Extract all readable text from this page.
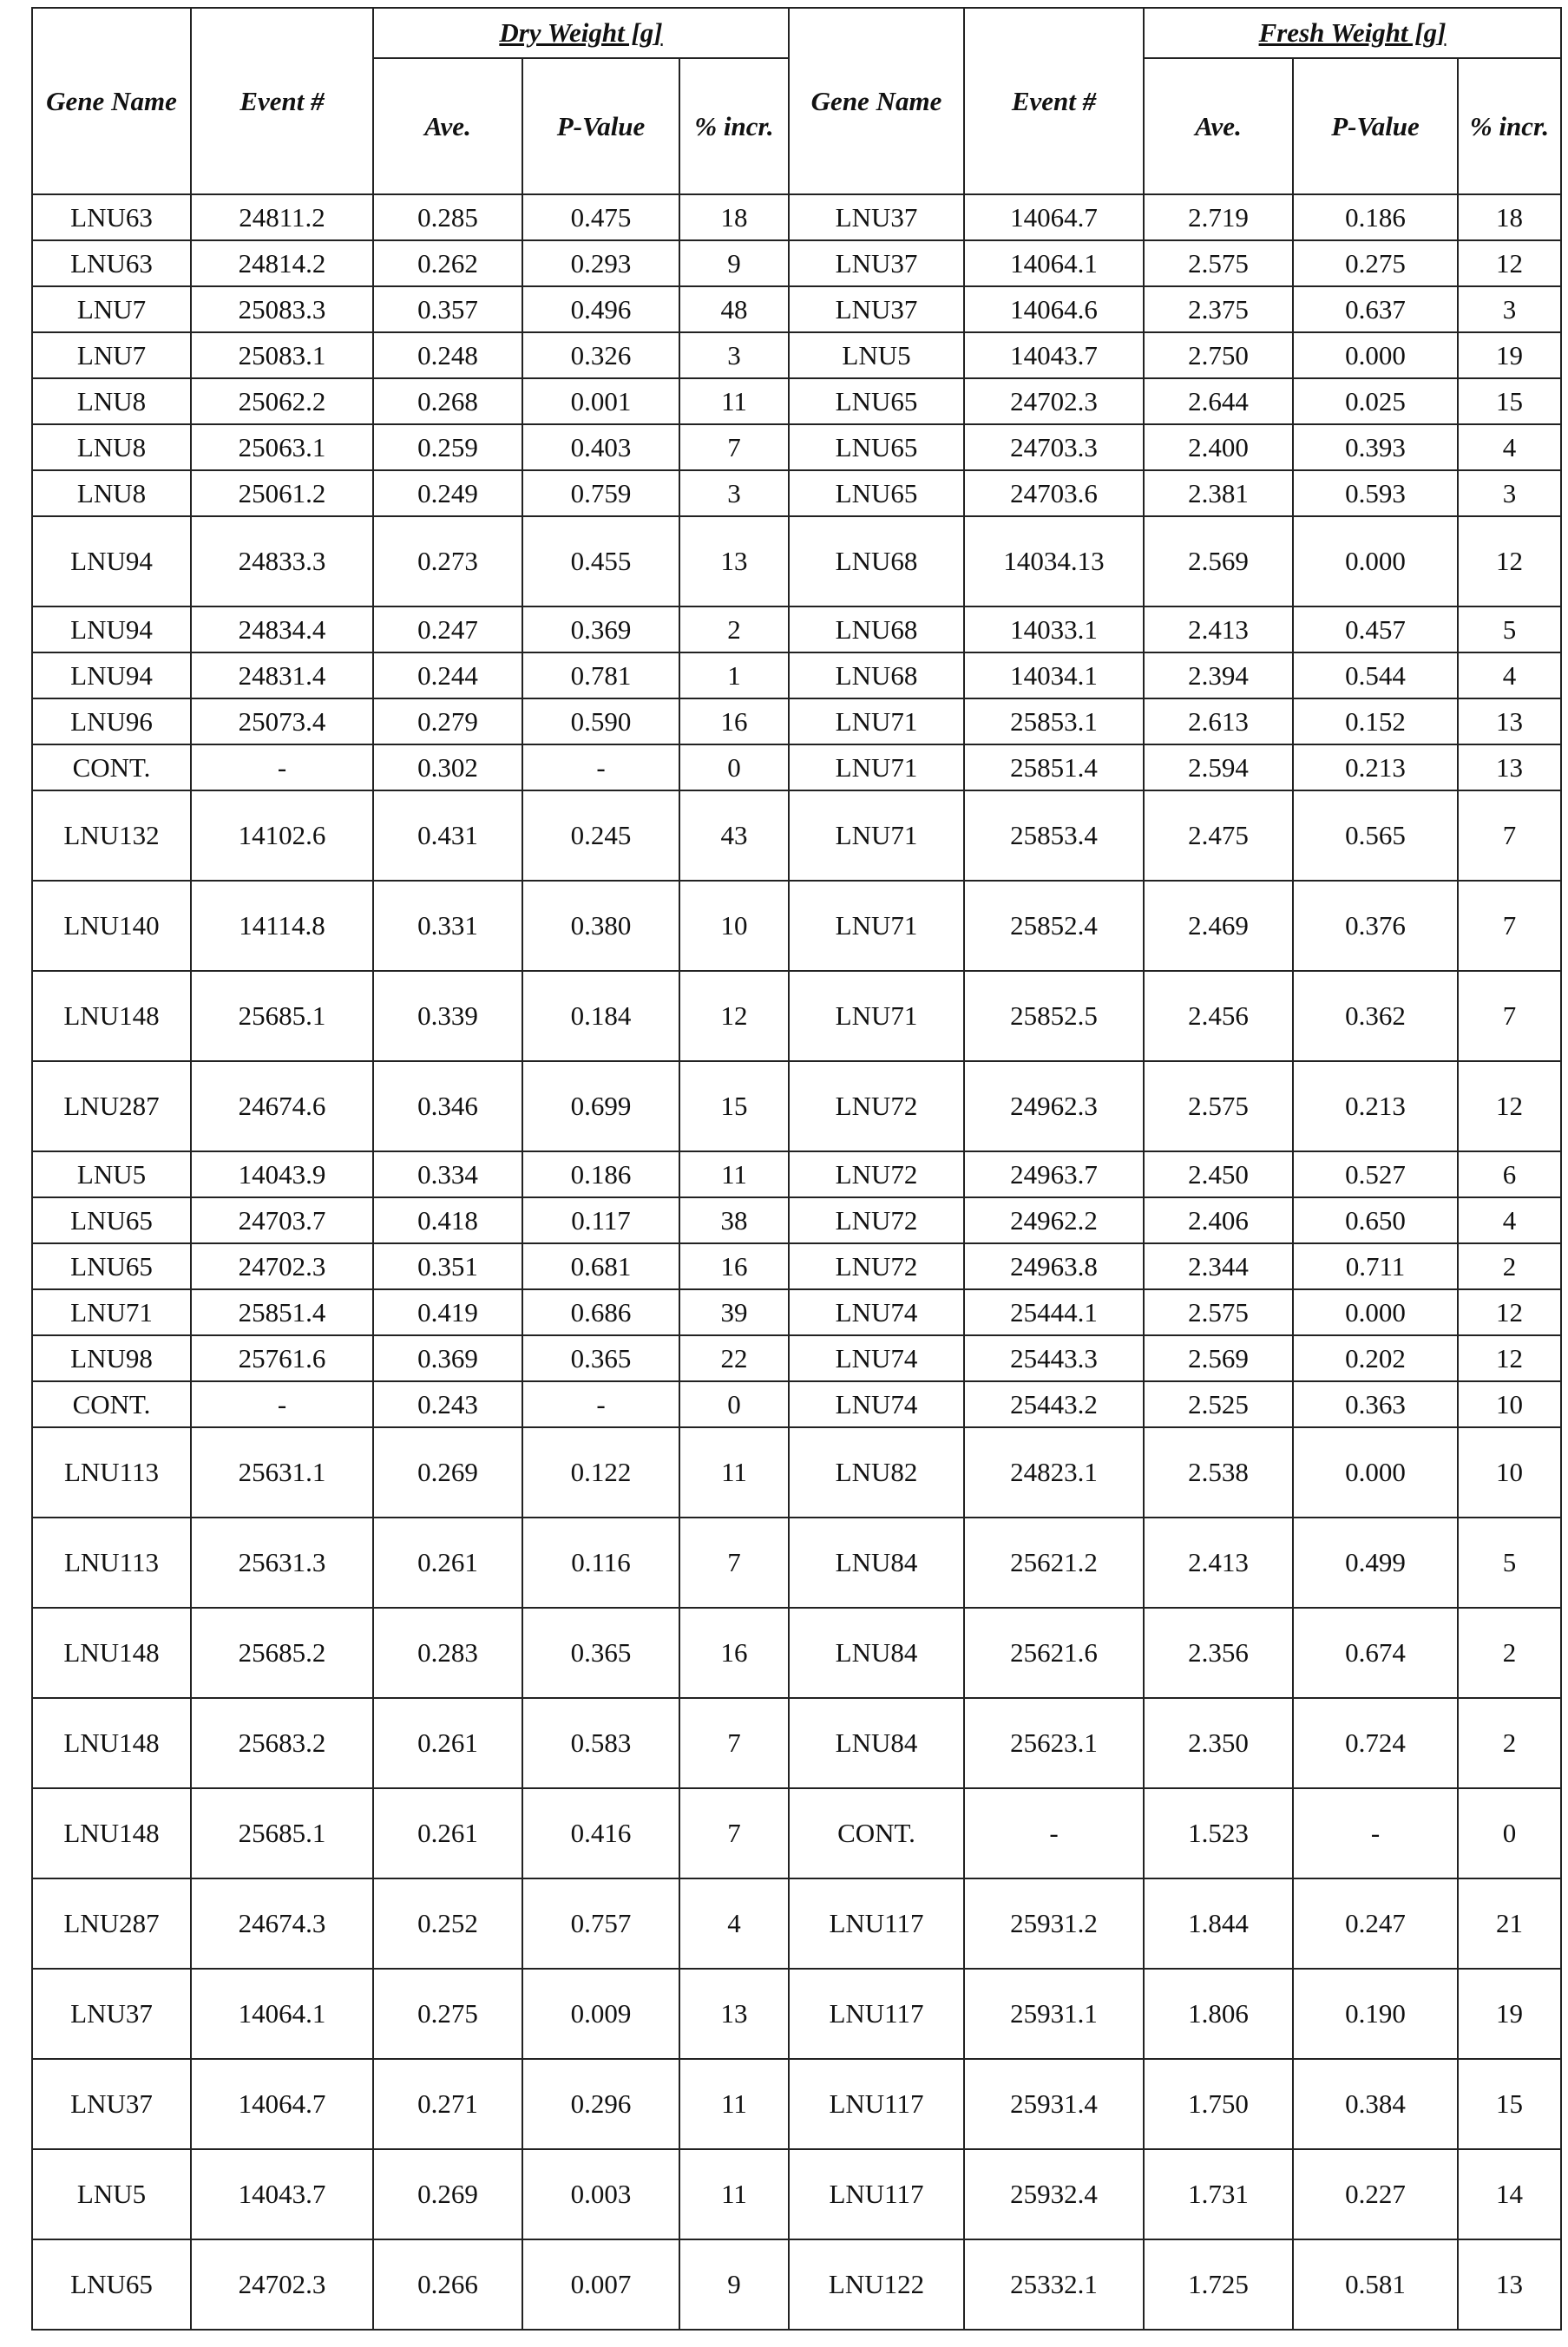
Gene Name	Event #	Dry Weight [g]	Gene Name	Event #	Fresh Weight [g]
Ave.	P-Value	% incr.	Ave.	P-Value	% incr.
LNU63	24811.2	0.285	0.475	18	LNU37	14064.7	2.719	0.186	18
LNU63	24814.2	0.262	0.293	9	LNU37	14064.1	2.575	0.275	12
LNU7	25083.3	0.357	0.496	48	LNU37	14064.6	2.375	0.637	3
LNU7	25083.1	0.248	0.326	3	LNU5	14043.7	2.750	0.000	19
LNU8	25062.2	0.268	0.001	11	LNU65	24702.3	2.644	0.025	15
LNU8	25063.1	0.259	0.403	7	LNU65	24703.3	2.400	0.393	4
LNU8	25061.2	0.249	0.759	3	LNU65	24703.6	2.381	0.593	3
LNU94	24833.3	0.273	0.455	13	LNU68	14034.13	2.569	0.000	12
LNU94	24834.4	0.247	0.369	2	LNU68	14033.1	2.413	0.457	5
LNU94	24831.4	0.244	0.781	1	LNU68	14034.1	2.394	0.544	4
LNU96	25073.4	0.279	0.590	16	LNU71	25853.1	2.613	0.152	13
CONT.	-	0.302	-	0	LNU71	25851.4	2.594	0.213	13
LNU132	14102.6	0.431	0.245	43	LNU71	25853.4	2.475	0.565	7
LNU140	14114.8	0.331	0.380	10	LNU71	25852.4	2.469	0.376	7
LNU148	25685.1	0.339	0.184	12	LNU71	25852.5	2.456	0.362	7
LNU287	24674.6	0.346	0.699	15	LNU72	24962.3	2.575	0.213	12
LNU5	14043.9	0.334	0.186	11	LNU72	24963.7	2.450	0.527	6
LNU65	24703.7	0.418	0.117	38	LNU72	24962.2	2.406	0.650	4
LNU65	24702.3	0.351	0.681	16	LNU72	24963.8	2.344	0.711	2
LNU71	25851.4	0.419	0.686	39	LNU74	25444.1	2.575	0.000	12
LNU98	25761.6	0.369	0.365	22	LNU74	25443.3	2.569	0.202	12
CONT.	-	0.243	-	0	LNU74	25443.2	2.525	0.363	10
LNU113	25631.1	0.269	0.122	11	LNU82	24823.1	2.538	0.000	10
LNU113	25631.3	0.261	0.116	7	LNU84	25621.2	2.413	0.499	5
LNU148	25685.2	0.283	0.365	16	LNU84	25621.6	2.356	0.674	2
LNU148	25683.2	0.261	0.583	7	LNU84	25623.1	2.350	0.724	2
LNU148	25685.1	0.261	0.416	7	CONT.	-	1.523	-	0
LNU287	24674.3	0.252	0.757	4	LNU117	25931.2	1.844	0.247	21
LNU37	14064.1	0.275	0.009	13	LNU117	25931.1	1.806	0.190	19
LNU37	14064.7	0.271	0.296	11	LNU117	25931.4	1.750	0.384	15
LNU5	14043.7	0.269	0.003	11	LNU117	25932.4	1.731	0.227	14
LNU65	24702.3	0.266	0.007	9	LNU122	25332.1	1.725	0.581	13
